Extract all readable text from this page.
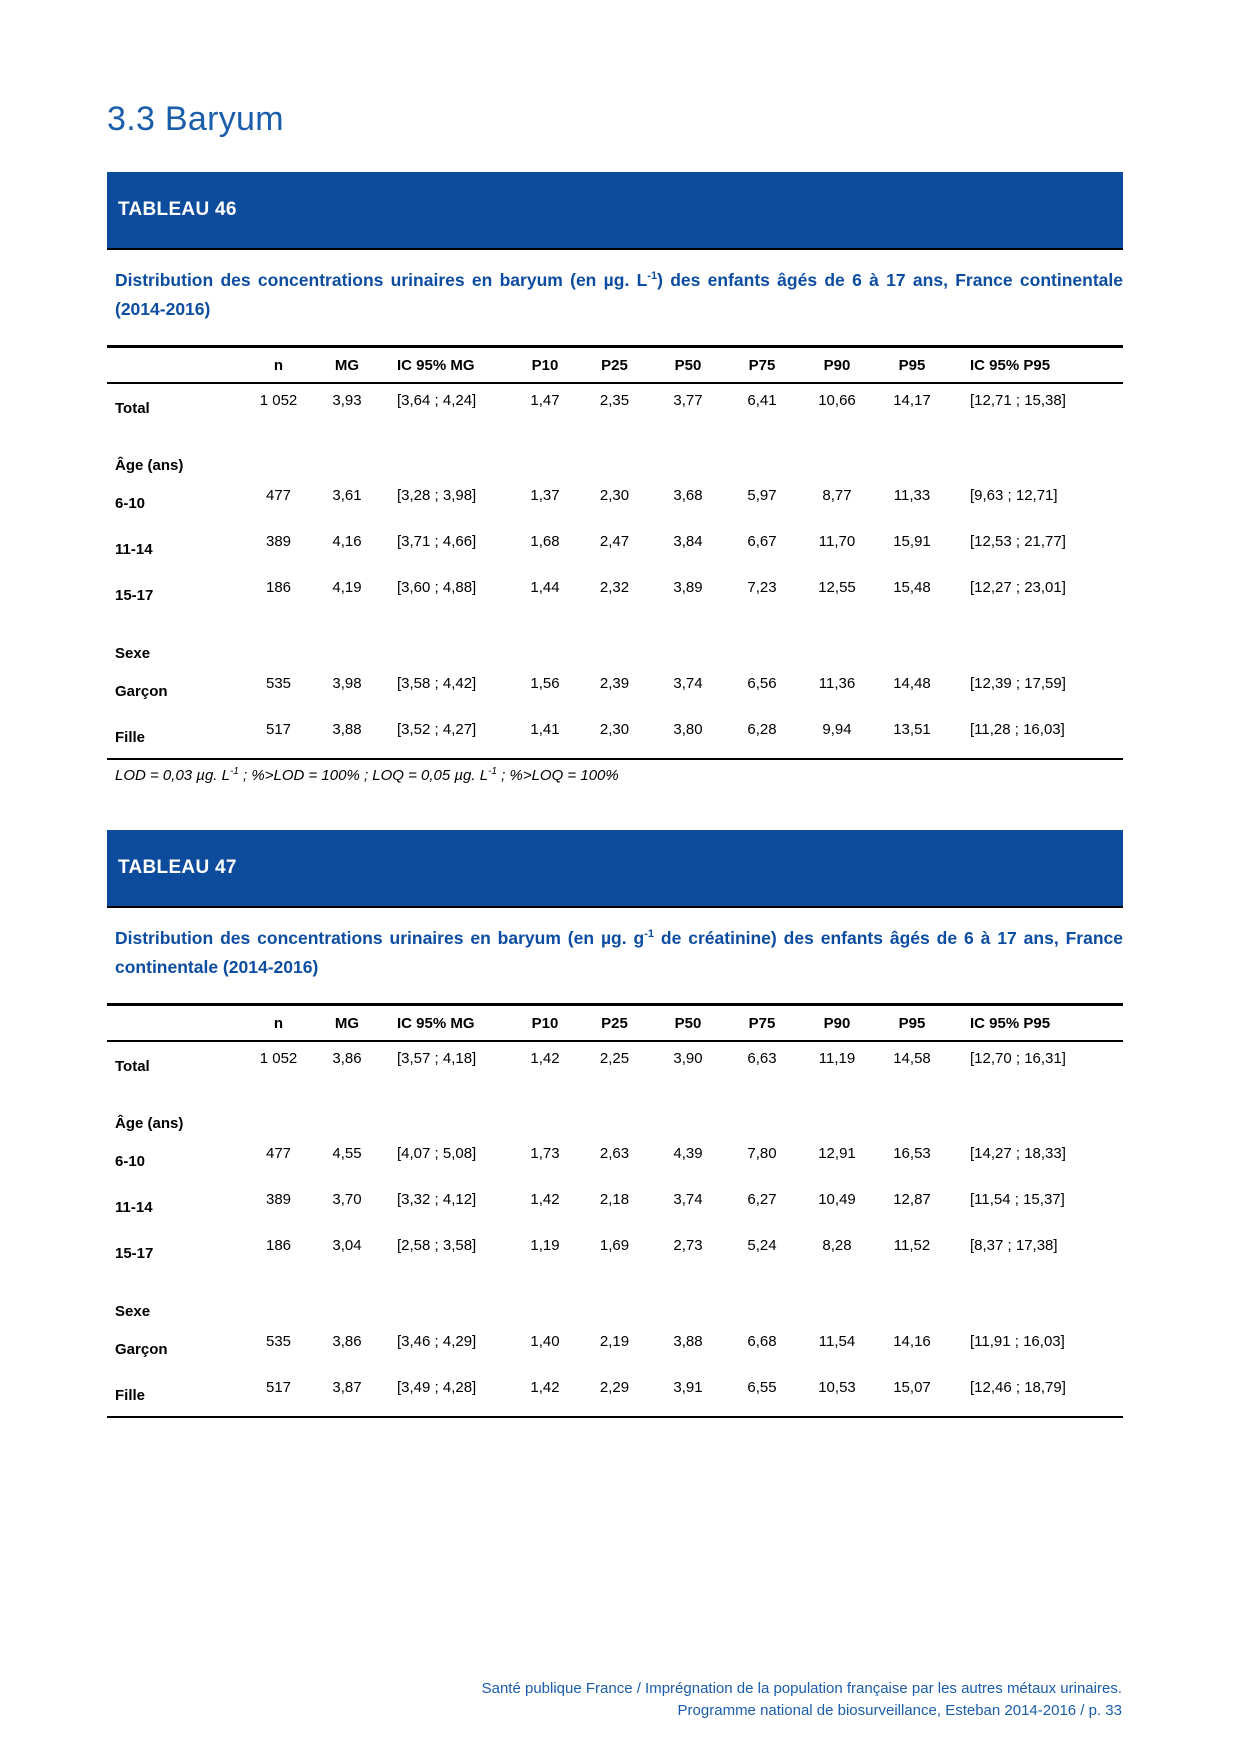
3.3 Baryum
TABLEAU 46

Distribution des concentrations urinaires en baryum (en µg. $L^{-1}$) des enfants âgés de 6 à 17 ans, France continentale (2014-2016)

	n	MG	IC 95% MG	P10	P25	P50	P75	P90	P95	IC 95% P95
Total	1 052	3,93	[3,64 ; 4,24]	1,47	2,35	3,77	6,41	10,66	14,17	[12,71 ; 15,38]
Âge (ans)										
6-10	477	3,61	[3,28 ; 3,98]	1,37	2,30	3,68	5,97	8,77	11,33	[9,63 ; 12,71]
11-14	389	4,16	[3,71 ; 4,66]	1,68	2,47	3,84	6,67	11,70	15,91	[12,53 ; 21,77]
15-17	186	4,19	[3,60 ; 4,88]	1,44	2,32	3,89	7,23	12,55	15,48	[12,27 ; 23,01]
Sexe										
Garçon	535	3,98	[3,58 ; 4,42]	1,56	2,39	3,74	6,56	11,36	14,48	[12,39 ; 17,59]
Fille	517	3,88	[3,52 ; 4,27]	1,41	2,30	3,80	6,28	9,94	13,51	[11,28 ; 16,03]

LOD = 0,03 µg. $L^{-1}$ ; %>LOD = 100% ; LOQ = 0,05 µg. $L^{-1}$ ; %>LOQ = 100%

TABLEAU 47

Distribution des concentrations urinaires en baryum (en µg. $g^{-1}$ de créatinine) des enfants âgés de 6 à 17 ans, France continentale (2014-2016)

	n	MG	IC 95% MG	P10	P25	P50	P75	P90	P95	IC 95% P95
Total	1 052	3,86	[3,57 ; 4,18]	1,42	2,25	3,90	6,63	11,19	14,58	[12,70 ; 16,31]
Âge (ans)										
6-10	477	4,55	[4,07 ; 5,08]	1,73	2,63	4,39	7,80	12,91	16,53	[14,27 ; 18,33]
11-14	389	3,70	[3,32 ; 4,12]	1,42	2,18	3,74	6,27	10,49	12,87	[11,54 ; 15,37]
15-17	186	3,04	[2,58 ; 3,58]	1,19	1,69	2,73	5,24	8,28	11,52	[8,37 ; 17,38]
Sexe										
Garçon	535	3,86	[3,46 ; 4,29]	1,40	2,19	3,88	6,68	11,54	14,16	[11,91 ; 16,03]
Fille	517	3,87	[3,49 ; 4,28]	1,42	2,29	3,91	6,55	10,53	15,07	[12,46 ; 18,79]
Santé publique France / Imprégnation de la population française par les autres métaux urinaires.
Programme national de biosurveillance, Esteban 2014-2016 / p. 33
